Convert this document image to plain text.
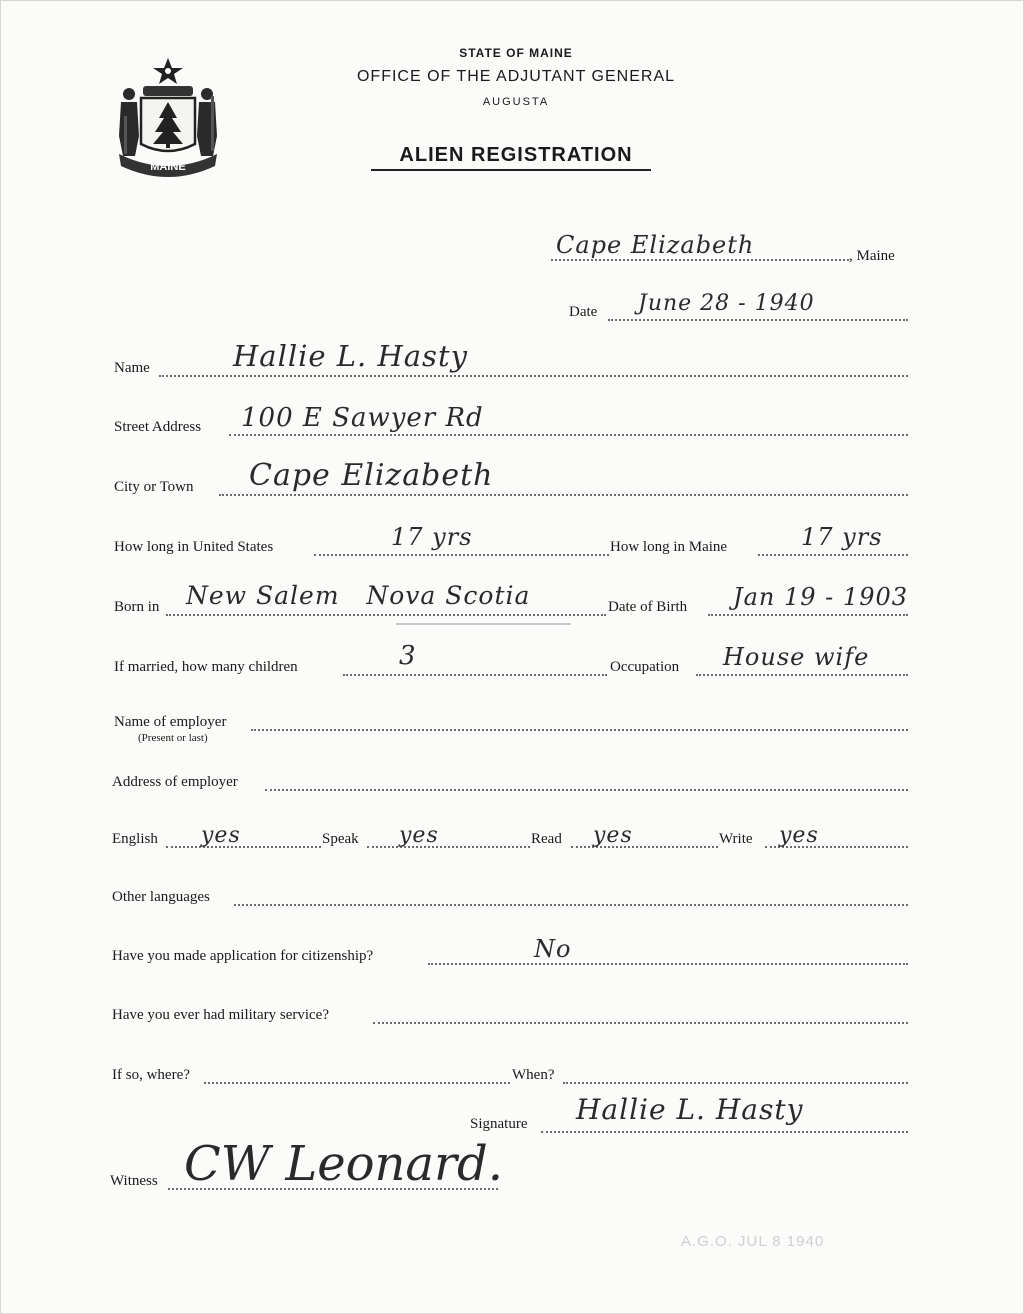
MAINE
STATE OF MAINE
OFFICE OF THE ADJUTANT GENERAL
AUGUSTA
ALIEN REGISTRATION
Cape Elizabeth	, Maine
Date June 28 - 1940
Name	Hallie L. Hasty
Street Address 100 E Sawyer Rd
City or Town Cape Elizabeth
How long in United States	17 yrs	How long in Maine	17 yrs
Born in New Salem   Nova Scotia	Date of Birth Jan 19 - 1903
If married, how many children	3	Occupation House wife
Name of employer
(Present or last)
Address of employer
English yes	Speak yes	Read yes	Write yes
Other languages
Have you made application for citizenship?	No
Have you ever had military service?
If so, where?	When?
Signature Hallie L. Hasty
Witness CW Leonard.
A.G.O. JUL 8 1940
